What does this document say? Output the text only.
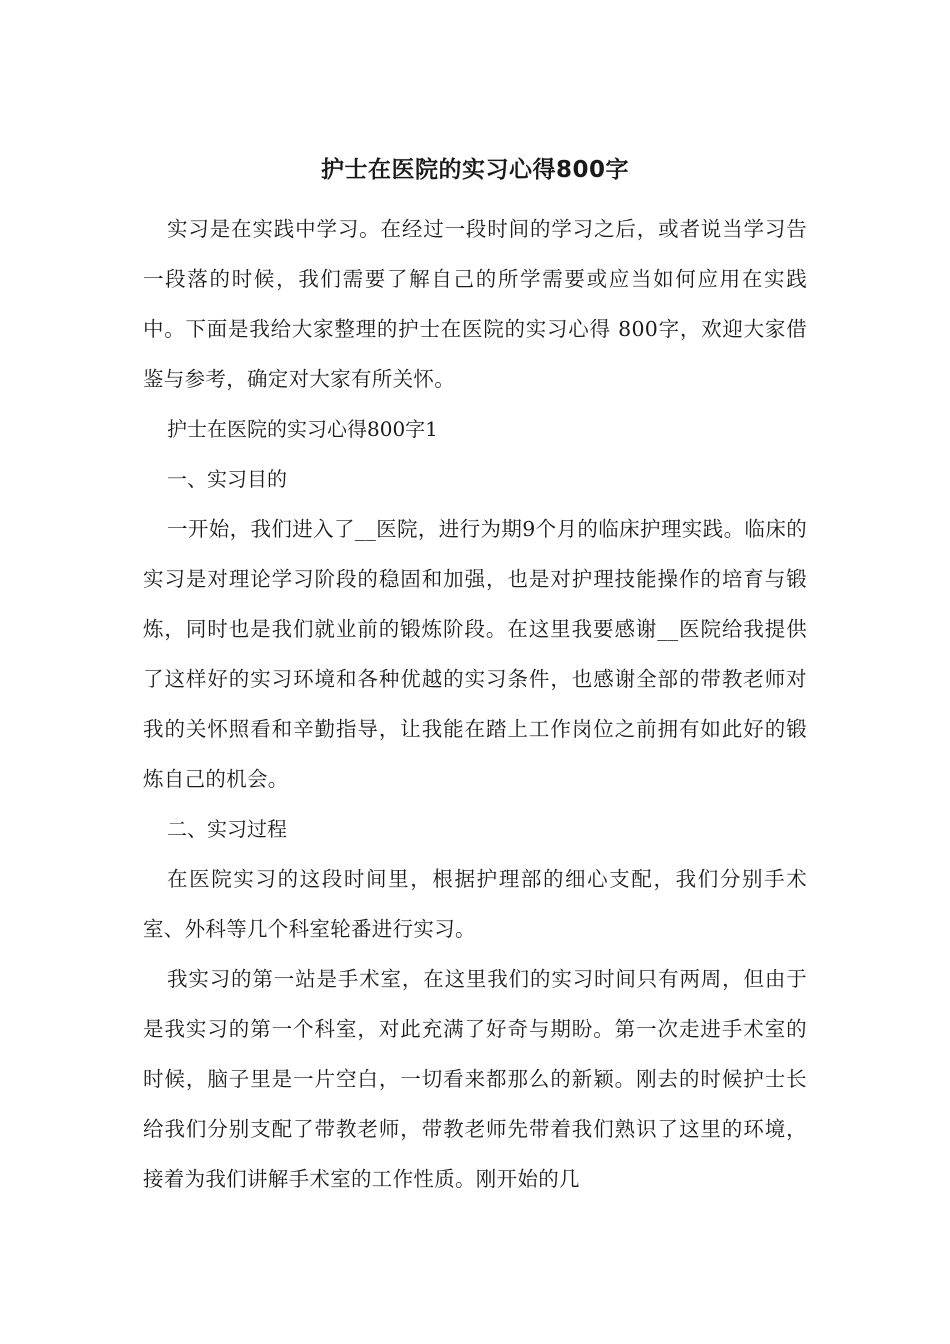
护士在医院的实习心得800字

实习是在实践中学习。在经过一段时间的学习之后，或者说当学习告一段落的时候，我们需要了解自己的所学需要或应当如何应用在实践中。下面是我给大家整理的护士在医院的实习心得 800字，欢迎大家借鉴与参考，确定对大家有所关怀。

护士在医院的实习心得800字1

一、实习目的

一开始，我们进入了__医院，进行为期9个月的临床护理实践。临床的实习是对理论学习阶段的稳固和加强，也是对护理技能操作的培育与锻炼，同时也是我们就业前的锻炼阶段。在这里我要感谢__医院给我提供了这样好的实习环境和各种优越的实习条件，也感谢全部的带教老师对我的关怀照看和辛勤指导，让我能在踏上工作岗位之前拥有如此好的锻炼自己的机会。

二、实习过程

在医院实习的这段时间里，根据护理部的细心支配，我们分别手术室、外科等几个科室轮番进行实习。

我实习的第一站是手术室，在这里我们的实习时间只有两周，但由于是我实习的第一个科室，对此充满了好奇与期盼。第一次走进手术室的时候，脑子里是一片空白，一切看来都那么的新颖。刚去的时候护士长给我们分别支配了带教老师，带教老师先带着我们熟识了这里的环境，接着为我们讲解手术室的工作性质。刚开始的几
